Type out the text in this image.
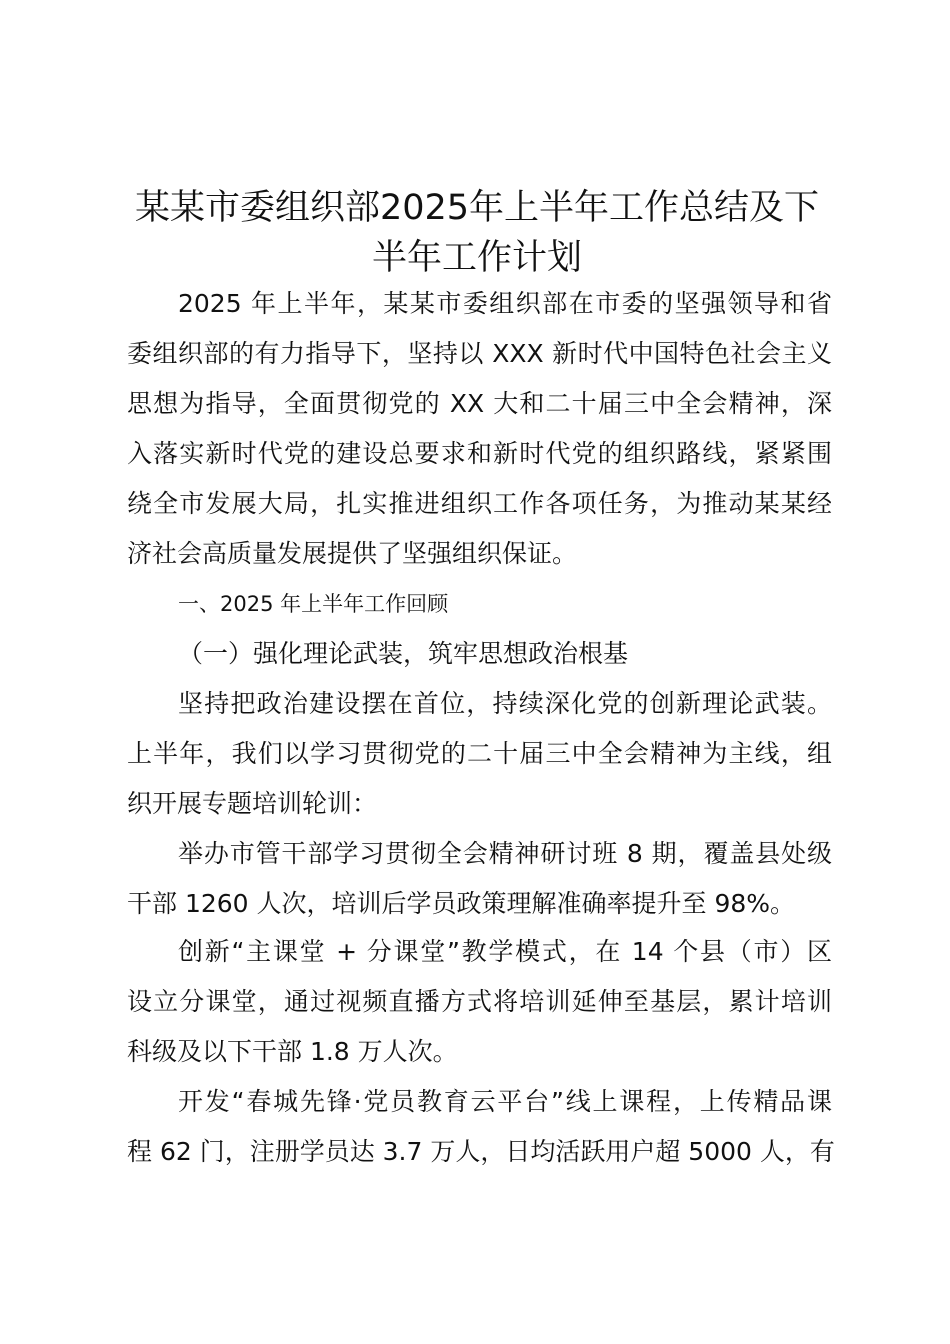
某某市委组织部2025年上半年工作总结及下
半年工作计划
2025 年上半年，某某市委组织部在市委的坚强领导和省
委组织部的有力指导下，坚持以 XXX 新时代中国特色社会主义
思想为指导，全面贯彻党的 XX 大和二十届三中全会精神，深
入落实新时代党的建设总要求和新时代党的组织路线，紧紧围
绕全市发展大局，扎实推进组织工作各项任务，为推动某某经
济社会高质量发展提供了坚强组织保证。
一、2025 年上半年工作回顾
（一）强化理论武装，筑牢思想政治根基
坚持把政治建设摆在首位，持续深化党的创新理论武装。
上半年，我们以学习贯彻党的二十届三中全会精神为主线，组
织开展专题培训轮训：
举办市管干部学习贯彻全会精神研讨班 8 期，覆盖县处级
干部 1260 人次，培训后学员政策理解准确率提升至 98%。
创新“主课堂 + 分课堂”教学模式，在 14 个县（市）区
设立分课堂，通过视频直播方式将培训延伸至基层，累计培训
科级及以下干部 1.8 万人次。
开发“春城先锋·党员教育云平台”线上课程，上传精品课
程 62 门，注册学员达 3.7 万人，日均活跃用户超 5000 人，有
